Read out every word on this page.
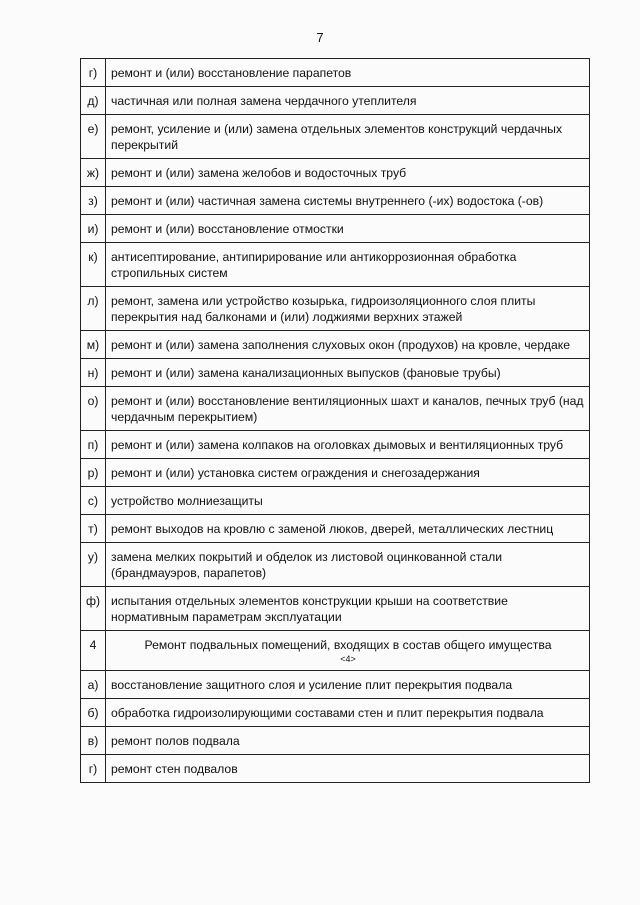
7
г)	ремонт и (или) восстановление парапетов
д)	частичная или полная замена чердачного утеплителя
е)	ремонт, усиление и (или) замена отдельных элементов конструкций чердачных перекрытий
ж)	ремонт и (или) замена желобов и водосточных труб
з)	ремонт и (или) частичная замена системы внутреннего (-их) водостока (-ов)
и)	ремонт и (или) восстановление отмостки
к)	антисептирование, антипирирование или антикоррозионная обработка стропильных систем
л)	ремонт, замена или устройство козырька, гидроизоляционного слоя плиты перекрытия над балконами и (или) лоджиями верхних этажей
м)	ремонт и (или) замена заполнения слуховых окон (продухов) на кровле, чердаке
н)	ремонт и (или) замена канализационных выпусков (фановые трубы)
о)	ремонт и (или) восстановление вентиляционных шахт и каналов, печных труб (над чердачным перекрытием)
п)	ремонт и (или) замена колпаков на оголовках дымовых и вентиляционных труб
р)	ремонт и (или) установка систем ограждения и снегозадержания
с)	устройство молниезащиты
т)	ремонт выходов на кровлю с заменой люков, дверей, металлических лестниц
у)	замена мелких покрытий и обделок из листовой оцинкованной стали (брандмауэров, парапетов)
ф)	испытания отдельных элементов конструкции крыши на соответствие нормативным параметрам эксплуатации
4	Ремонт подвальных помещений, входящих в состав общего имущества
<4>

а)	восстановление защитного слоя и усиление плит перекрытия подвала
б)	обработка гидроизолирующими составами стен и плит перекрытия подвала
в)	ремонт полов подвала
г)	ремонт стен подвалов
